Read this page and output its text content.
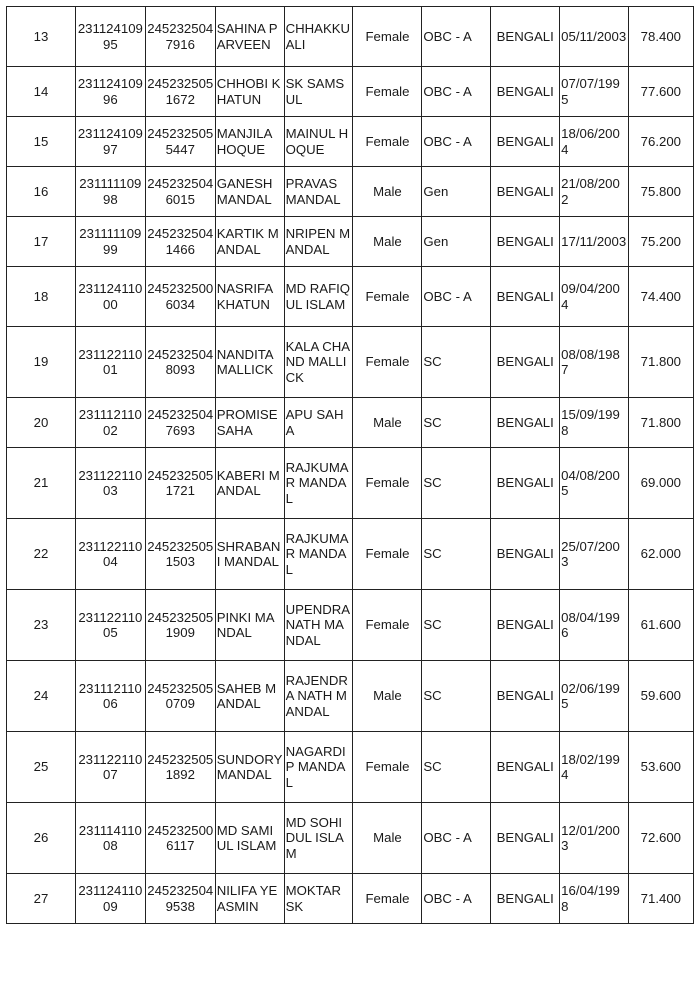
13	23112410995	2452325047916	SAHINA PARVEEN	CHHAKKU ALI	Female	OBC - A	BENGALI	05/11/2003	78.400
14	23112410996	2452325051672	CHHOBI KHATUN	SK SAMSUL	Female	OBC - A	BENGALI	07/07/1995	77.600
15	23112410997	2452325055447	MANJILA HOQUE	MAINUL HOQUE	Female	OBC - A	BENGALI	18/06/2004	76.200
16	23111110998	2452325046015	GANESH MANDAL	PRAVAS MANDAL	Male	Gen	BENGALI	21/08/2002	75.800
17	23111110999	2452325041466	KARTIK MANDAL	NRIPEN MANDAL	Male	Gen	BENGALI	17/11/2003	75.200
18	23112411000	2452325006034	NASRIFA KHATUN	MD RAFIQUL ISLAM	Female	OBC - A	BENGALI	09/04/2004	74.400
19	23112211001	2452325048093	NANDITA MALLICK	KALA CHAND MALLICK	Female	SC	BENGALI	08/08/1987	71.800
20	23111211002	2452325047693	PROMISE SAHA	APU SAHA	Male	SC	BENGALI	15/09/1998	71.800
21	23112211003	2452325051721	KABERI MANDAL	RAJKUMAR MANDAL	Female	SC	BENGALI	04/08/2005	69.000
22	23112211004	2452325051503	SHRABANI MANDAL	RAJKUMAR MANDAL	Female	SC	BENGALI	25/07/2003	62.000
23	23112211005	2452325051909	PINKI MANDAL	UPENDRANATH MANDAL	Female	SC	BENGALI	08/04/1996	61.600
24	23111211006	2452325050709	SAHEB MANDAL	RAJENDRA NATH MANDAL	Male	SC	BENGALI	02/06/1995	59.600
25	23112211007	2452325051892	SUNDORY MANDAL	NAGARDIP MANDAL	Female	SC	BENGALI	18/02/1994	53.600
26	23111411008	2452325006117	MD SAMIUL ISLAM	MD SOHIDUL ISLAM	Male	OBC - A	BENGALI	12/01/2003	72.600
27	23112411009	2452325049538	NILIFA YEASMIN	MOKTAR SK	Female	OBC - A	BENGALI	16/04/1998	71.400
